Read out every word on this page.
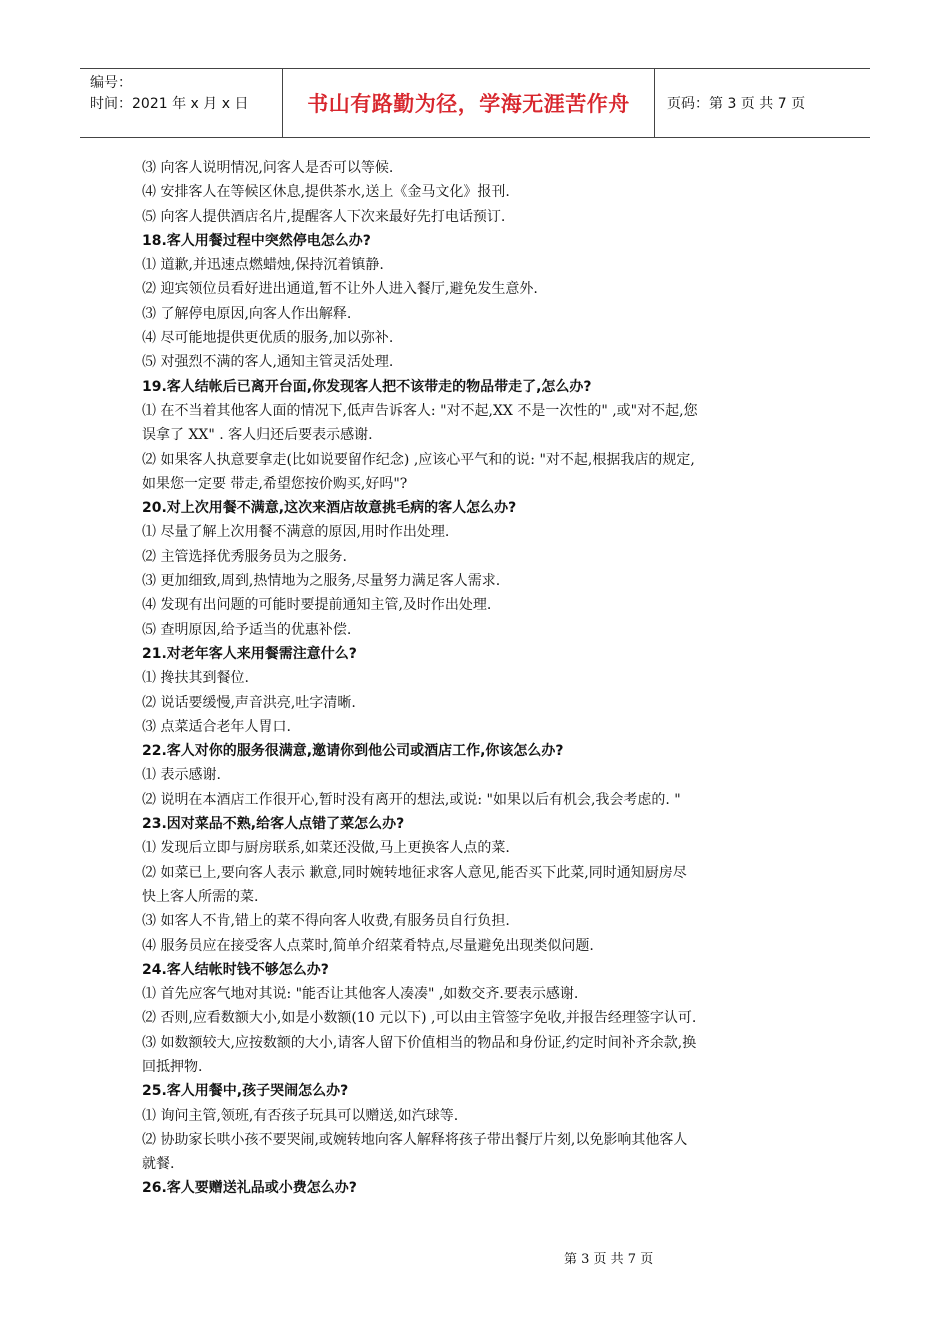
编号：
时间：2021 年 x 月 x 日	书山有路勤为径，学海无涯苦作舟	页码：第 3 页 共 7 页
⑶ 向客人说明情况,问客人是否可以等候.
⑷ 安排客人在等候区休息,提供茶水,送上《金马文化》报刊.
⑸ 向客人提供酒店名片,提醒客人下次来最好先打电话预订.
18.客人用餐过程中突然停电怎么办?
⑴ 道歉,并迅速点燃蜡烛,保持沉着镇静.
⑵ 迎宾领位员看好进出通道,暂不让外人进入餐厅,避免发生意外.
⑶ 了解停电原因,向客人作出解释.
⑷ 尽可能地提供更优质的服务,加以弥补.
⑸ 对强烈不满的客人,通知主管灵活处理.
19.客人结帐后已离开台面,你发现客人把不该带走的物品带走了,怎么办?
⑴ 在不当着其他客人面的情况下,低声告诉客人: "对不起,XX 不是一次性的" ,或"对不起,您
误拿了 XX" . 客人归还后要表示感谢.
⑵ 如果客人执意要拿走(比如说要留作纪念) ,应该心平气和的说: "对不起,根据我店的规定,
如果您一定要 带走,希望您按价购买,好吗"?
20.对上次用餐不满意,这次来酒店故意挑毛病的客人怎么办?
⑴ 尽量了解上次用餐不满意的原因,用时作出处理.
⑵ 主管选择优秀服务员为之服务.
⑶ 更加细致,周到,热情地为之服务,尽量努力满足客人需求.
⑷ 发现有出问题的可能时要提前通知主管,及时作出处理.
⑸ 查明原因,给予适当的优惠补偿.
21.对老年客人来用餐需注意什么?
⑴ 搀扶其到餐位.
⑵ 说话要缓慢,声音洪亮,吐字清晰.
⑶ 点菜适合老年人胃口.
22.客人对你的服务很满意,邀请你到他公司或酒店工作,你该怎么办?
⑴ 表示感谢.
⑵ 说明在本酒店工作很开心,暂时没有离开的想法,或说: "如果以后有机会,我会考虑的. "
23.因对菜品不熟,给客人点错了菜怎么办?
⑴ 发现后立即与厨房联系,如菜还没做,马上更换客人点的菜.
⑵ 如菜已上,要向客人表示 歉意,同时婉转地征求客人意见,能否买下此菜,同时通知厨房尽
快上客人所需的菜.
⑶ 如客人不肯,错上的菜不得向客人收费,有服务员自行负担.
⑷ 服务员应在接受客人点菜时,简单介绍菜肴特点,尽量避免出现类似问题.
24.客人结帐时钱不够怎么办?
⑴ 首先应客气地对其说: "能否让其他客人凑凑" ,如数交齐.要表示感谢.
⑵ 否则,应看数额大小,如是小数额(10 元以下) ,可以由主管签字免收,并报告经理签字认可.
⑶ 如数额较大,应按数额的大小,请客人留下价值相当的物品和身份证,约定时间补齐余款,换
回抵押物.
25.客人用餐中,孩子哭闹怎么办?
⑴ 询问主管,领班,有否孩子玩具可以赠送,如汽球等.
⑵ 协助家长哄小孩不要哭闹,或婉转地向客人解释将孩子带出餐厅片刻,以免影响其他客人
就餐.
26.客人要赠送礼品或小费怎么办?
第 3 页 共 7 页
